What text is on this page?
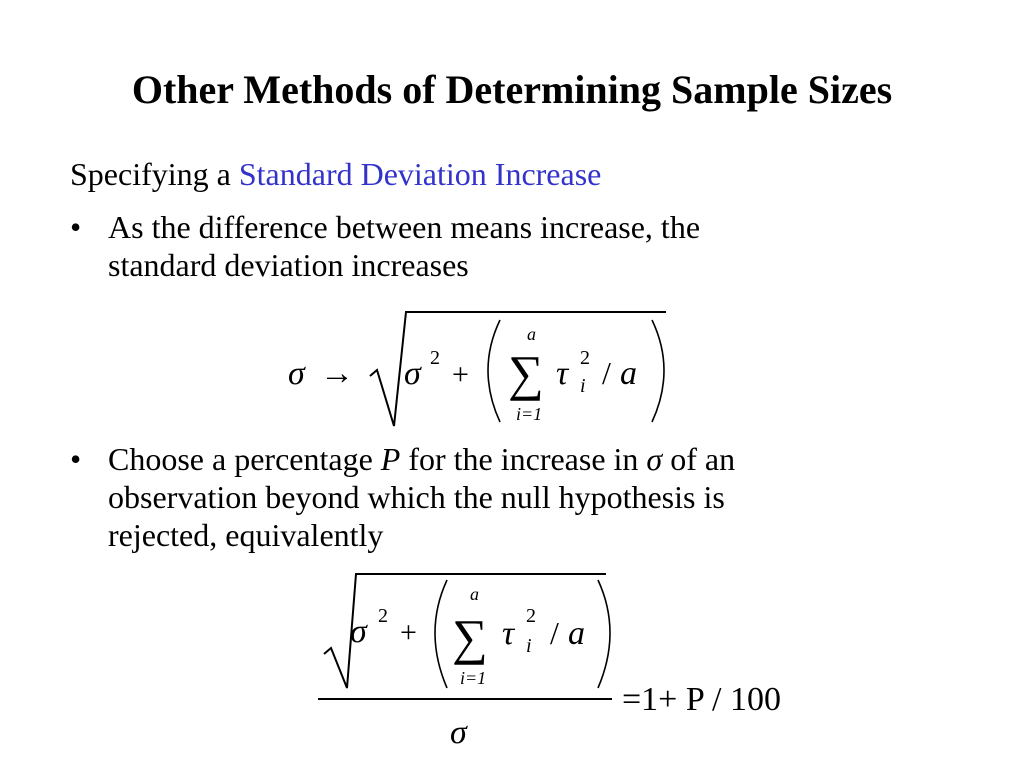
Other Methods of Determining Sample Sizes
Specifying a Standard Deviation Increase
• As the difference between means increase, the
standard deviation increases
σ → σ 2 +
a
∑
i=1
τ 2
i / a
• Choose a percentage P for the increase in σ of an
observation beyond which the null hypothesis is
rejected, equivalently
σ 2 +
a
∑
i=1
τ 2
i / a
σ
=1+ P / 100
